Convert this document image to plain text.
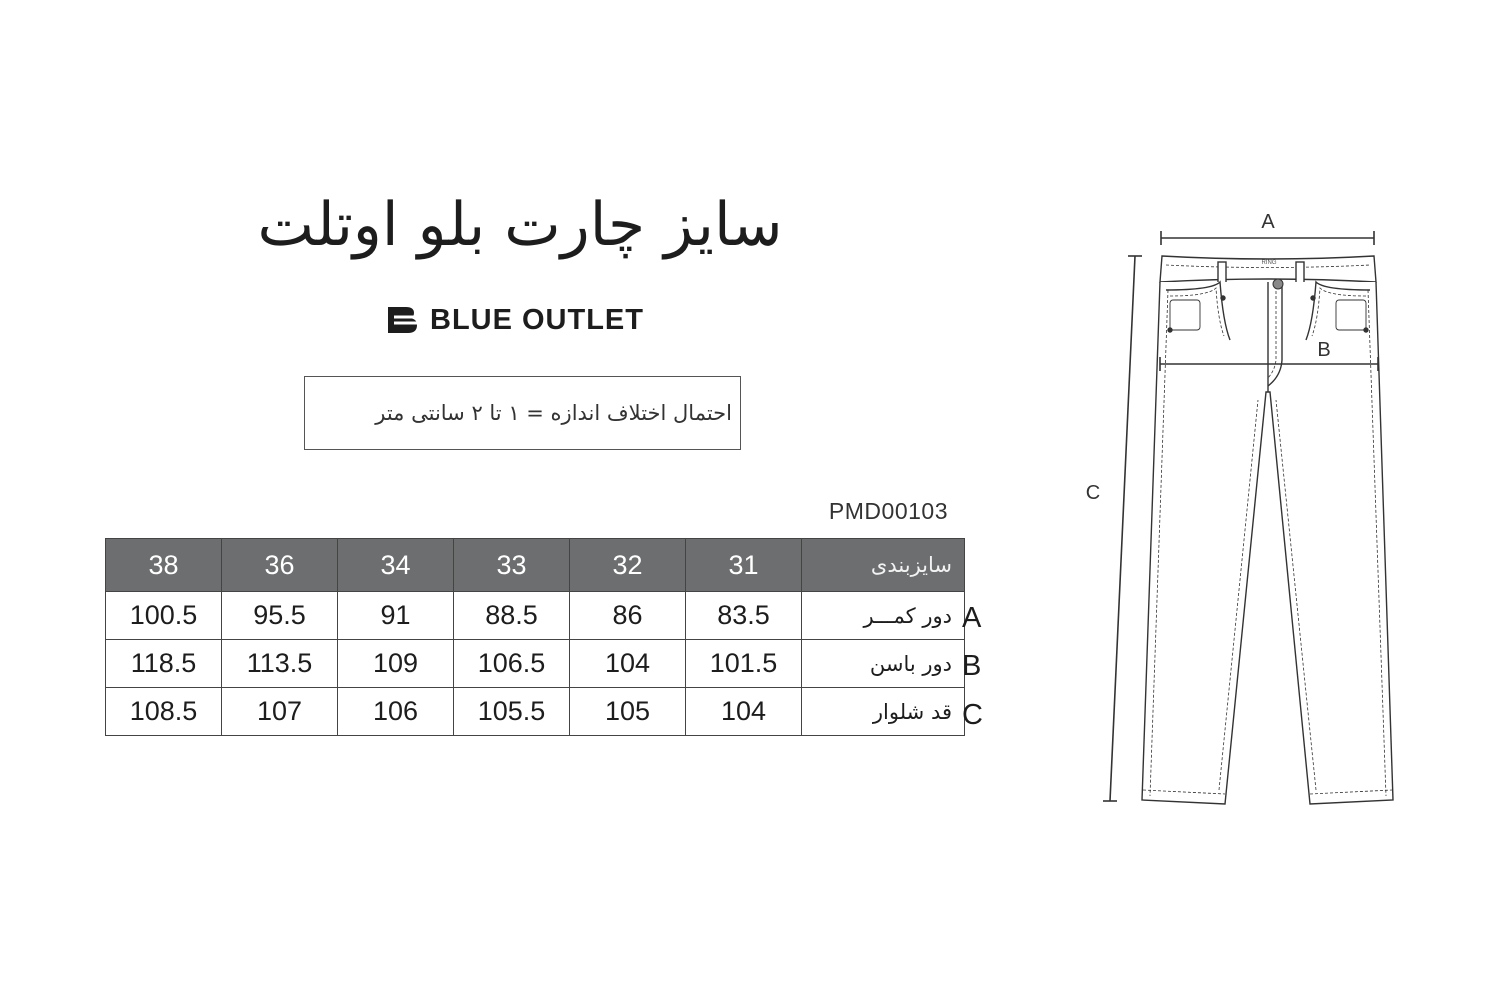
سایز چارت بلو اوتلت
BLUE OUTLET
احتمال اختلاف اندازه = ۱ تا ۲ سانتی متر
PMD00103
38	36	34	33	32	31	سایزبندی
100.5	95.5	91	88.5	86	83.5	دور کمـــر
118.5	113.5	109	106.5	104	101.5	دور باسن
108.5	107	106	105.5	105	104	قد شلوار
A
B
C
A
C
RING
B
